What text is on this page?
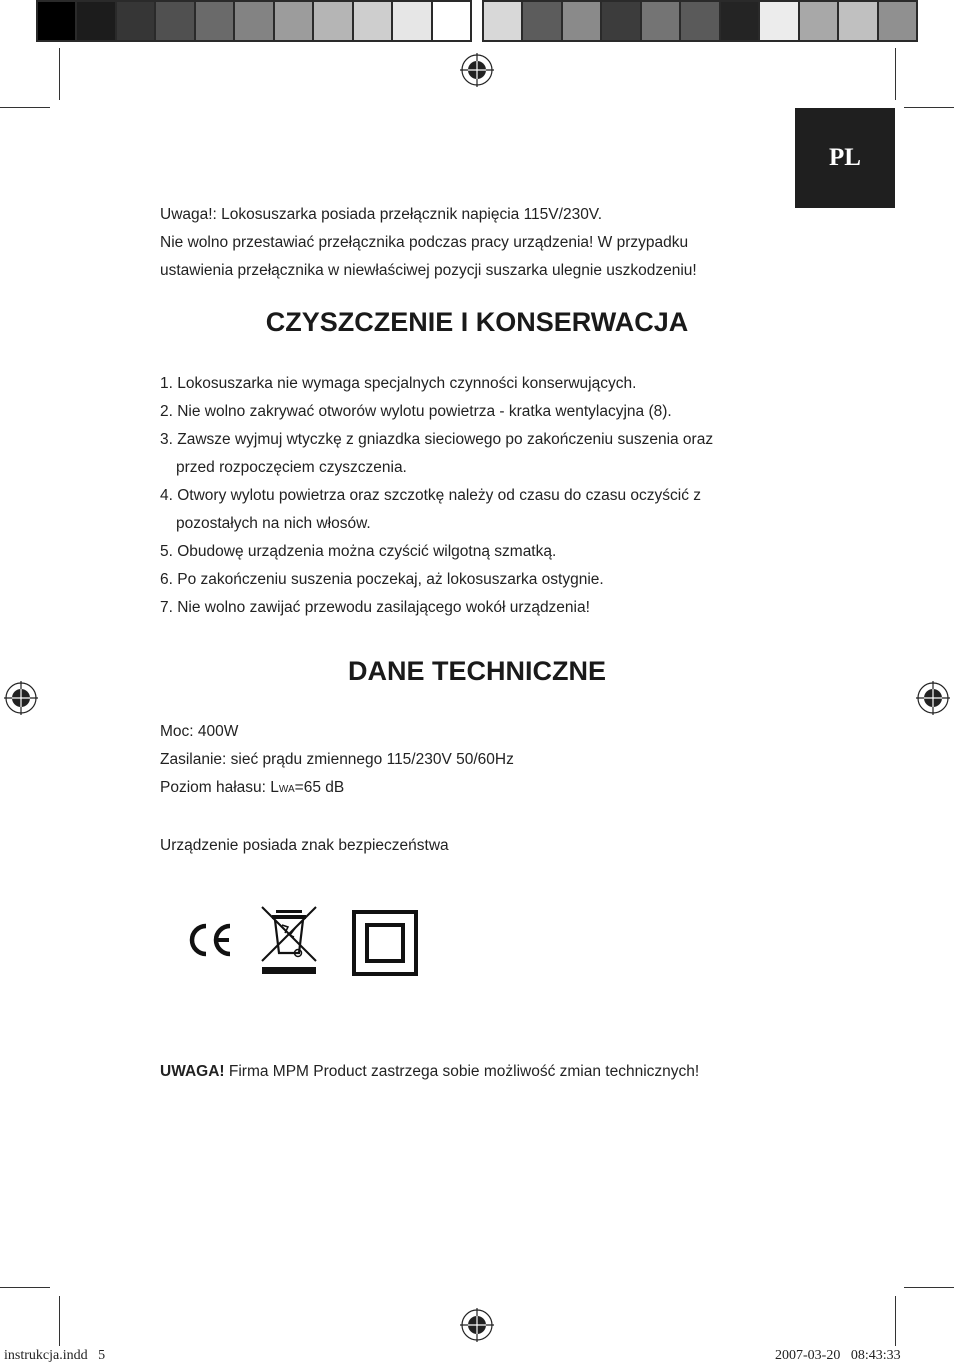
PL
Uwaga!: Lokosuszarka posiada przełącznik napięcia 115V/230V.
Nie wolno przestawiać przełącznika podczas pracy urządzenia! W przypadku
ustawienia przełącznika w niewłaściwej pozycji suszarka ulegnie uszkodzeniu!
CZYSZCZENIE I KONSERWACJA
1. Lokosuszarka nie wymaga specjalnych czynności konserwujących.
2. Nie wolno zakrywać otworów wylotu powietrza - kratka wentylacyjna (8).
3. Zawsze wyjmuj wtyczkę z gniazdka sieciowego po zakończeniu suszenia oraz
przed rozpoczęciem czyszczenia.
4. Otwory wylotu powietrza oraz szczotkę należy od czasu do czasu oczyścić z
pozostałych na nich włosów.
5. Obudowę urządzenia można czyścić wilgotną szmatką.
6. Po zakończeniu suszenia poczekaj, aż lokosuszarka ostygnie.
7. Nie wolno zawijać przewodu zasilającego wokół urządzenia!
DANE TECHNICZNE
Moc: 400W
Zasilanie: sieć prądu zmiennego 115/230V 50/60Hz
Poziom hałasu: LWA=65 dB

Urządzenie posiada znak bezpieczeństwa
UWAGA! Firma MPM Product zastrzega sobie możliwość zmian technicznych!
instrukcja.indd   5	2007-03-20   08:43:33
